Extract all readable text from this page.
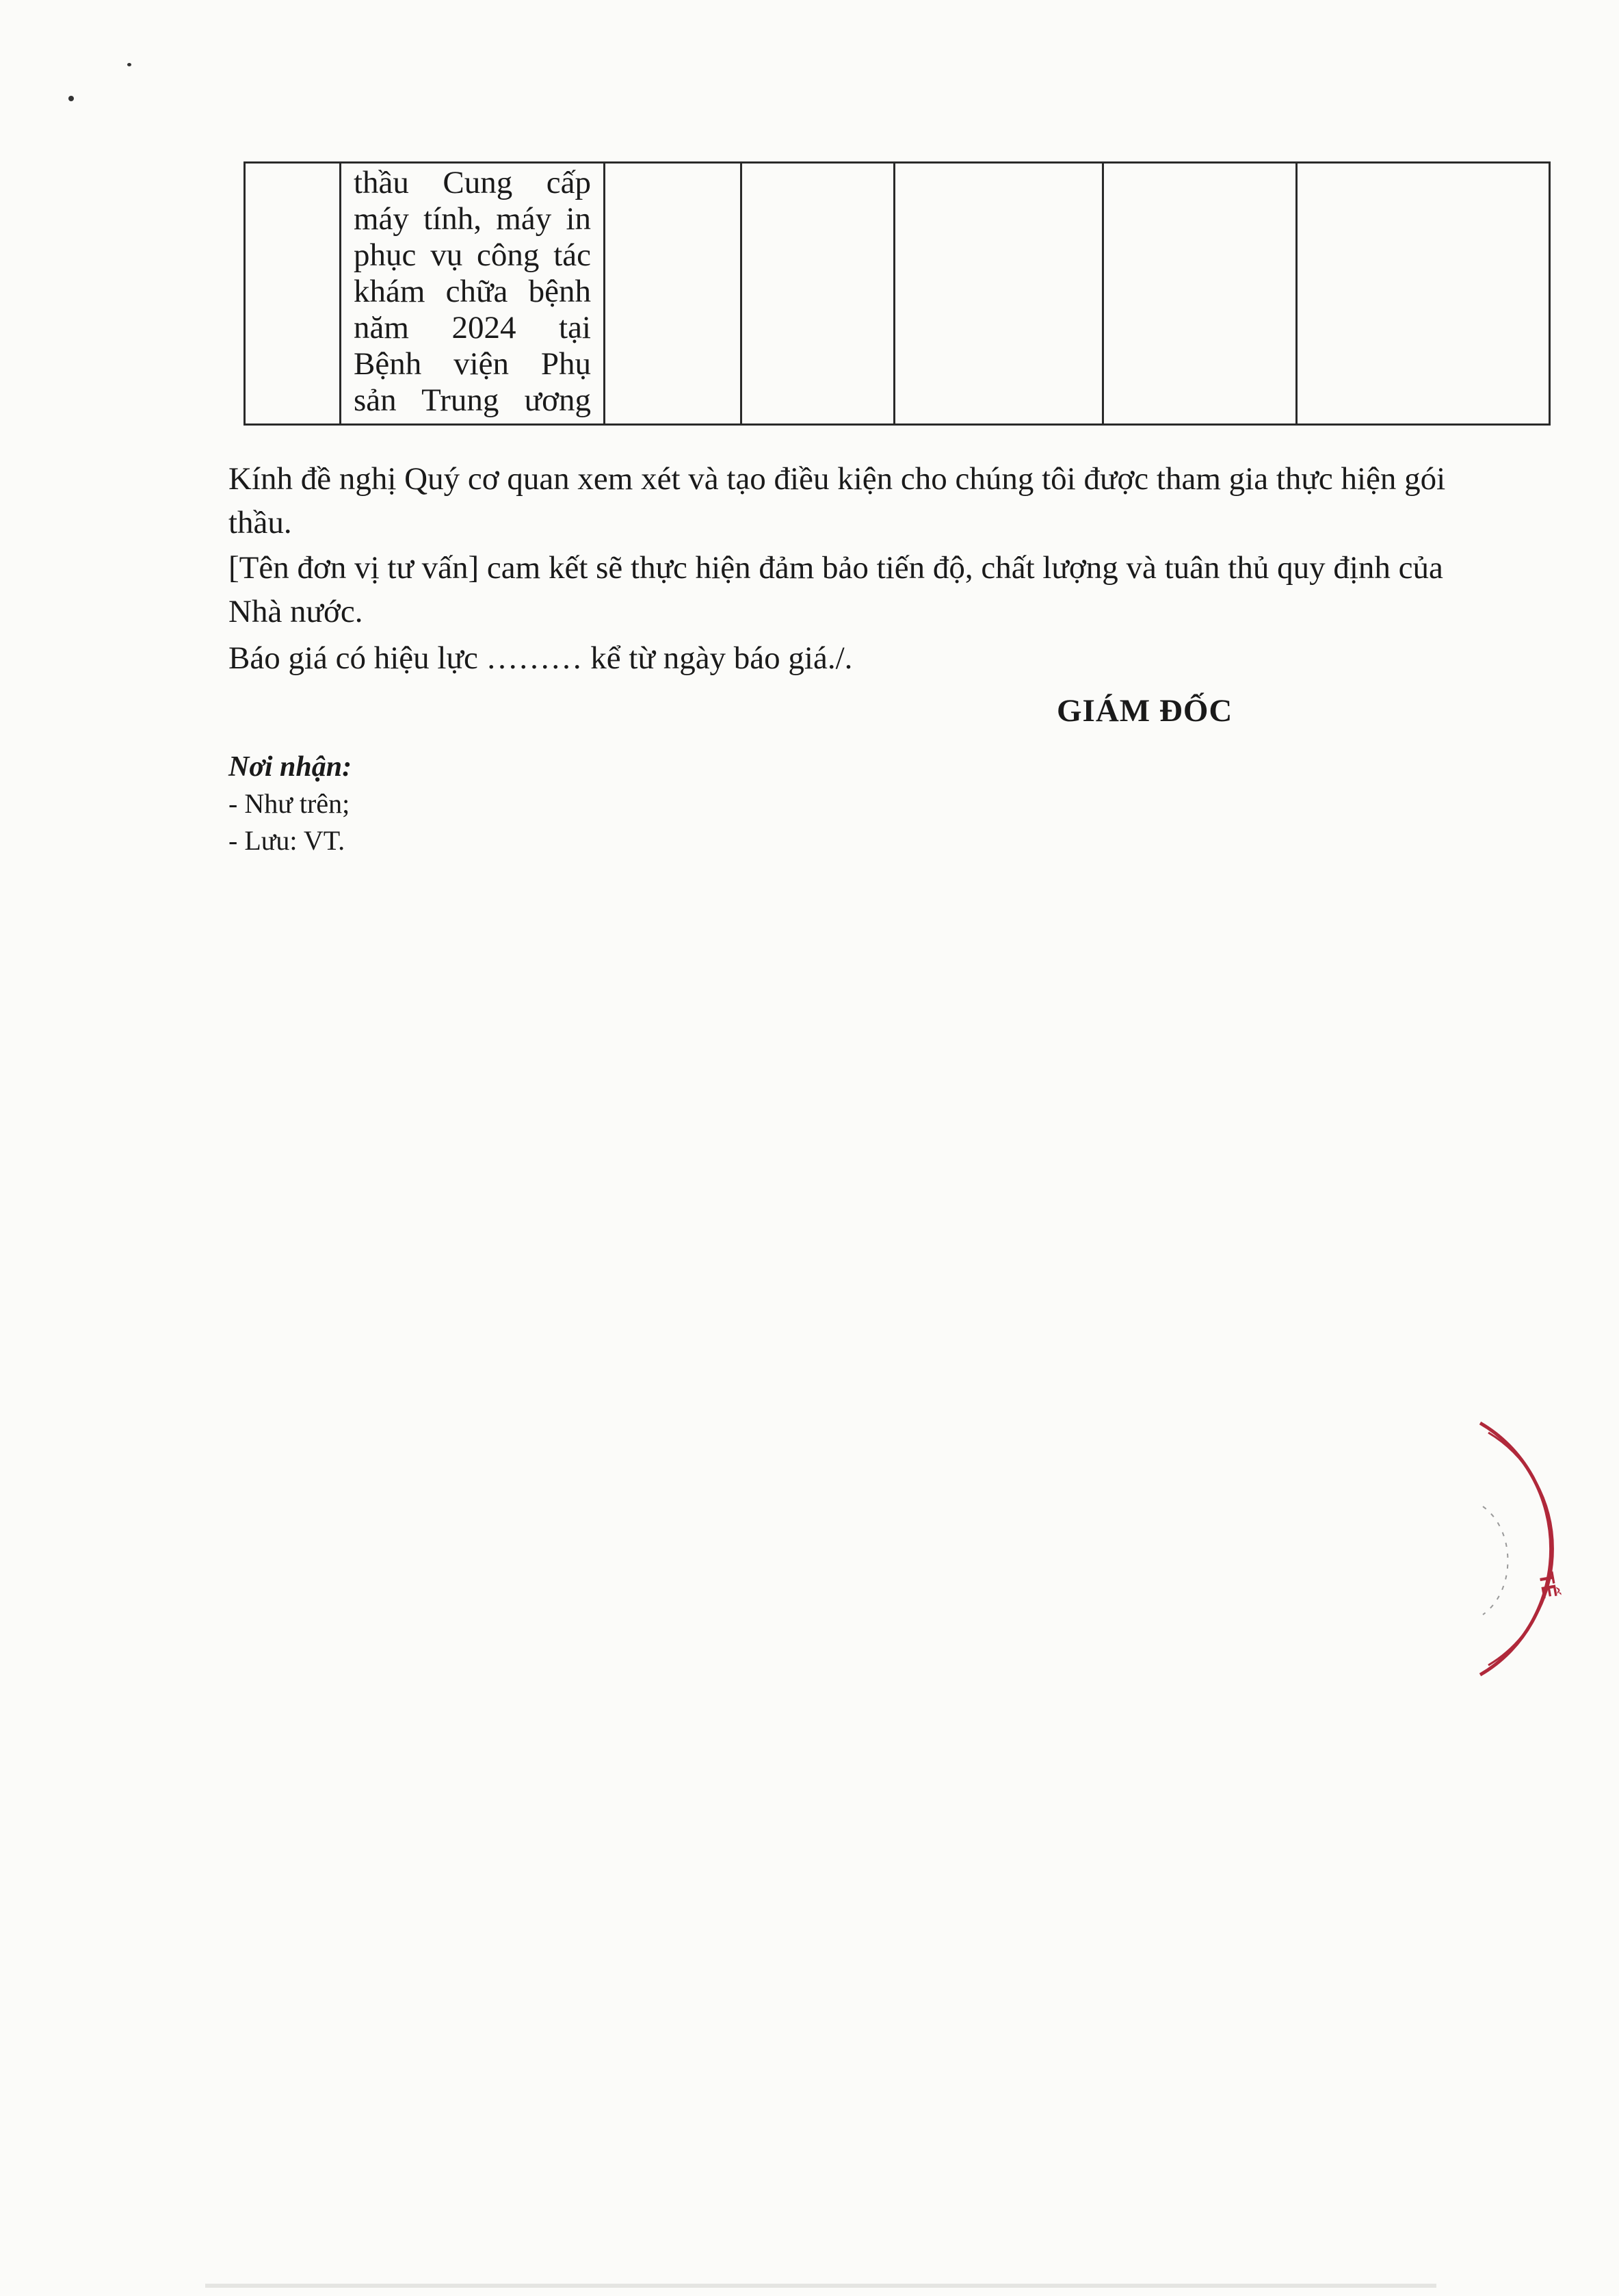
thầu Cung cấp máy tính, máy in phục vụ công tác khám chữa bệnh năm 2024 tại Bệnh viện Phụ sản Trung ương

Kính đề nghị Quý cơ quan xem xét và tạo điều kiện cho chúng tôi được tham gia thực hiện gói thầu.

[Tên đơn vị tư vấn] cam kết sẽ thực hiện đảm bảo tiến độ, chất lượng và tuân thủ quy định của Nhà nước.

Báo giá có hiệu lực ……… kể từ ngày báo giá./.

GIÁM ĐỐC

Nơi nhận:
- Như trên;
- Lưu: VT.
TẾ
